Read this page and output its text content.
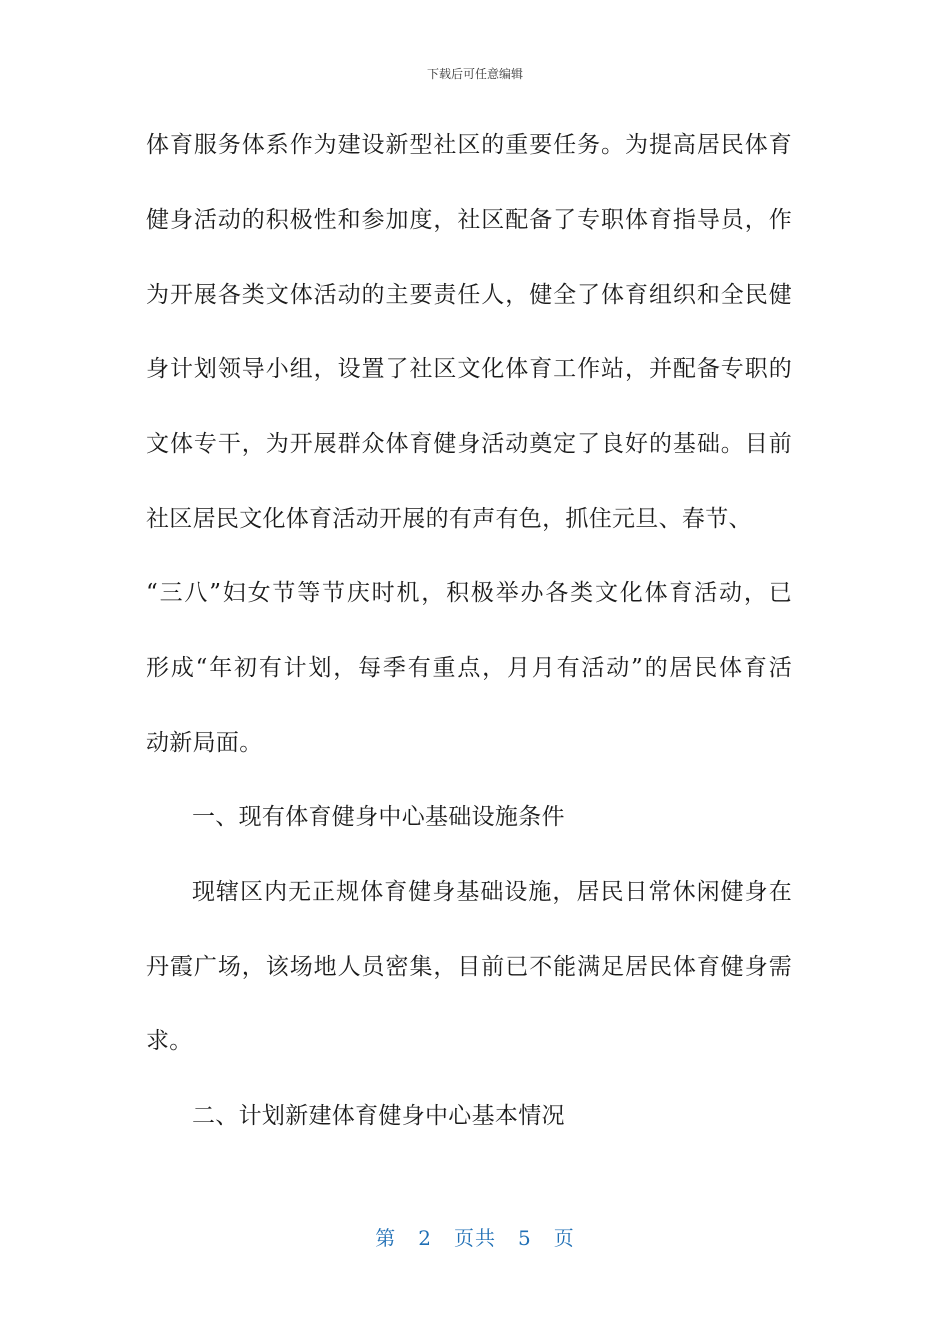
下载后可任意编辑
体育服务体系作为建设新型社区的重要任务。为提高居民体育
健身活动的积极性和参加度，社区配备了专职体育指导员，作
为开展各类文体活动的主要责任人，健全了体育组织和全民健
身计划领导小组，设置了社区文化体育工作站，并配备专职的
文体专干，为开展群众体育健身活动奠定了良好的基础。目前
社区居民文化体育活动开展的有声有色，抓住元旦、春节、
“三八”妇女节等节庆时机，积极举办各类文化体育活动，已
形成“年初有计划，每季有重点，月月有活动”的居民体育活
动新局面。
一、现有体育健身中心基础设施条件
现辖区内无正规体育健身基础设施，居民日常休闲健身在
丹霞广场，该场地人员密集，目前已不能满足居民体育健身需
求。
二、计划新建体育健身中心基本情况
第 2 页共 5 页
